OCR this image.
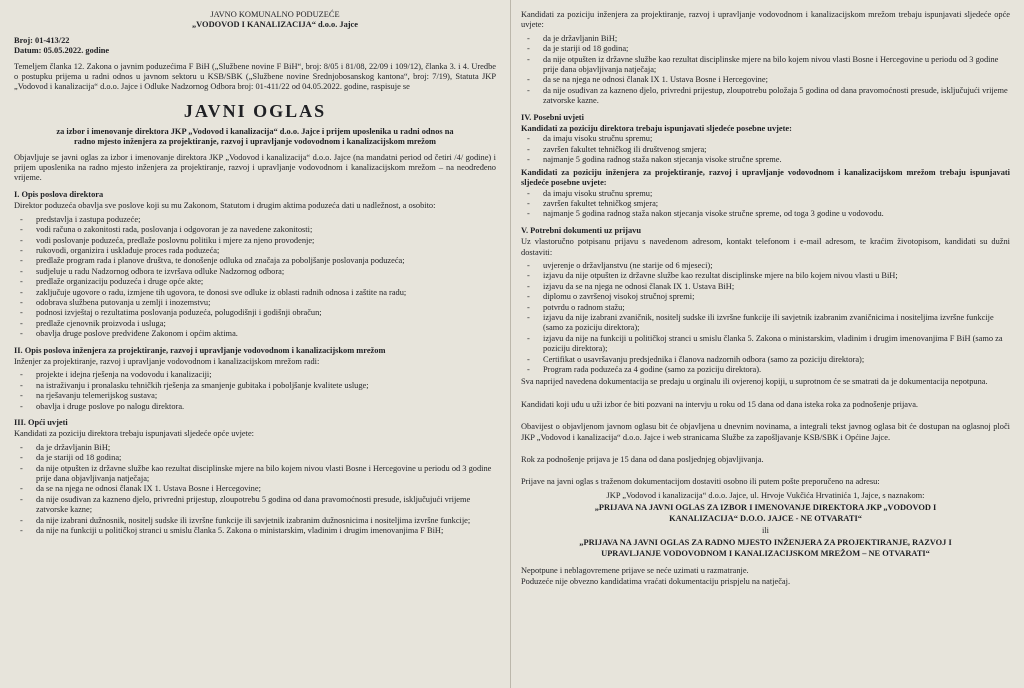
JAVNO KOMUNALNO PODUZEĆE
„VODOVOD I KANALIZACIJA“ d.o.o. Jajce
Broj: 01-413/22
Datum: 05.05.2022. godine

Temeljem članka 12. Zakona o javnim poduzećima F BiH („Službene novine F BiH“, broj: 8/05 i 81/08, 22/09 i 109/12), članka 3. i 4. Uredbe o postupku prijema u radni odnos u javnom sektoru u KSB/SBK („Službene novine Srednjobosanskog kantona“, broj: 7/19), Statuta JKP „Vodovod i kanalizacija“ d.o.o. Jajce i Odluke Nadzornog Odbora broj: 01-411/22 od 04.05.2022. godine, raspisuje se

JAVNI OGLAS
za izbor i imenovanje direktora JKP „Vodovod i kanalizacija“ d.o.o. Jajce i prijem uposlenika u radni odnos na radno mjesto inženjera za projektiranje, razvoj i upravljanje vodovodnom i kanalizacijskom mrežom

Objavljuje se javni oglas za izbor i imenovanje direktora JKP „Vodovod i kanalizacija“ d.o.o. Jajce (na mandatni period od četiri /4/ godine) i prijem uposlenika na radno mjesto inženjera za projektiranje, razvoj i upravljanje vodovodnom i kanalizacijskom mrežom – na neodređeno vrijeme.

I. Opis poslova direktora

Direktor poduzeća obavlja sve poslove koji su mu Zakonom, Statutom i drugim aktima poduzeća dati u nadležnost, a osobito:

- predstavlja i zastupa poduzeće;
- vodi računa o zakonitosti rada, poslovanja i odgovoran je za navedene zakonitosti;
- vodi poslovanje poduzeća, predlaže poslovnu politiku i mjere za njeno provođenje;
- rukovodi, organizira i usklađuje proces rada poduzeća;
- predlaže program rada i planove društva, te donošenje odluka od značaja za poboljšanje poslovanja poduzeća;
- sudjeluje u radu Nadzornog odbora te izvršava odluke Nadzornog odbora;
- predlaže organizaciju poduzeća i druge opće akte;
- zaključuje ugovore o radu, izmjene tih ugovora, te donosi sve odluke iz oblasti radnih odnosa i zaštite na radu;
- odobrava službena putovanja u zemlji i inozemstvu;
- podnosi izvještaj o rezultatima poslovanja poduzeća, polugodišnji i godišnji obračun;
- predlaže cjenovnik proizvoda i usluga;
- obavlja druge poslove predviđene Zakonom i općim aktima.
II. Opis poslova inženjera za projektiranje, razvoj i upravljanje vodovodnom i kanalizacijskom mrežom

Inženjer za projektiranje, razvoj i upravljanje vodovodnom i kanalizacijskom mrežom radi:

- projekte i idejna rješenja na vodovodu i kanalizaciji;
- na istraživanju i pronalasku tehničkih rješenja za smanjenje gubitaka i poboljšanje kvalitete usluge;
- na rješavanju telemerijskog sustava;
- obavlja i druge poslove po nalogu direktora.
III. Opći uvjeti

Kandidati za poziciju direktora trebaju ispunjavati sljedeće opće uvjete:

- da je državljanin BiH;
- da je stariji od 18 godina;
- da nije otpušten iz državne službe kao rezultat disciplinske mjere na bilo kojem nivou vlasti Bosne i Hercegovine u periodu od 3 godine prije dana objavljivanja natječaja;
- da se na njega ne odnosi članak IX 1. Ustava Bosne i Hercegovine;
- da nije osuđivan za kazneno djelo, privredni prijestup, zloupotrebu 5 godina od dana pravomoćnosti presude, isključujući vrijeme zatvorske kazne;
- da nije izabrani dužnosnik, nositelj sudske ili izvršne funkcije ili savjetnik izabranim dužnosnicima i nositeljima izvršne funkcije;
- da nije na funkciji u političkoj stranci u smislu članka 5. Zakona o ministarskim, vladinim i drugim imenovanjima F BiH;

Kandidati za poziciju inženjera za projektiranje, razvoj i upravljanje vodovodnom i kanalizacijskom mrežom trebaju ispunjavati sljedeće opće uvjete:

- da je državljanin BiH;
- da je stariji od 18 godina;
- da nije otpušten iz državne službe kao rezultat disciplinske mjere na bilo kojem nivou vlasti Bosne i Hercegovine u periodu od 3 godine prije dana objavljivanja natječaja;
- da se na njega ne odnosi članak IX 1. Ustava Bosne i Hercegovine;
- da nije osuđivan za kazneno djelo, privredni prijestup, zloupotrebu položaja 5 godina od dana pravomoćnosti presude, isključujući vrijeme zatvorske kazne.
IV. Posebni uvjeti
Kandidati za poziciju direktora trebaju ispunjavati sljedeće posebne uvjete:
- da imaju visoku stručnu spremu;
- završen fakultet tehničkog ili društvenog smjera;
- najmanje 5 godina radnog staža nakon stjecanja visoke stručne spreme.
Kandidati za poziciju inženjera za projektiranje, razvoj i upravljanje vodovodnom i kanalizacijskom mrežom trebaju ispunjavati sljedeće posebne uvjete:
- da imaju visoku stručnu spremu;
- završen fakultet tehničkog smjera;
- najmanje 5 godina radnog staža nakon stjecanja visoke stručne spreme, od toga 3 godine u vodovodu.
V. Potrebni dokumenti uz prijavu

Uz vlastoručno potpisanu prijavu s navedenom adresom, kontakt telefonom i e-mail adresom, te kraćim životopisom, kandidati su dužni dostaviti:

- uvjerenje o državljanstvu (ne starije od 6 mjeseci);
- izjavu da nije otpušten iz državne službe kao rezultat disciplinske mjere na bilo kojem nivou vlasti u BiH;
- izjavu da se na njega ne odnosi članak IX 1. Ustava BiH;
- diplomu o završenoj visokoj stručnoj spremi;
- potvrdu o radnom stažu;
- izjavu da nije izabrani zvaničnik, nositelj sudske ili izvršne funkcije ili savjetnik izabranim zvaničnicima i nositeljima izvršne funkcije (samo za poziciju direktora);
- izjavu da nije na funkciji u političkoj stranci u smislu članka 5. Zakona o ministarskim, vladinim i drugim imenovanjima F BiH (samo za poziciju direktora);
- Certifikat o usavršavanju predsjednika i članova nadzornih odbora (samo za poziciju direktora);
- Program rada poduzeća za 4 godine (samo za poziciju direktora).

Sva naprijed navedena dokumentacija se predaju u orginalu ili ovjerenoj kopiji, u suprotnom će se smatrati da je dokumentacija nepotpuna.

Kandidati koji uđu u uži izbor će biti pozvani na intervju u roku od 15 dana od dana isteka roka za podnošenje prijava.

Obavijest o objavljenom javnom oglasu bit će objavljena u dnevnim novinama, a integrali tekst javnog oglasa bit će dostupan na oglasnoj ploči JKP „Vodovod i kanalizacija“ d.o.o. Jajce i web stranicama Službe za zapošljavanje KSB/SBK i Općine Jajce.

Rok za podnošenje prijava je 15 dana od dana posljednjeg objavljivanja.

Prijave na javni oglas s traženom dokumentacijom dostaviti osobno ili putem pošte preporučeno na adresu:

JKP „Vodovod i kanalizacija“ d.o.o. Jajce, ul. Hrvoje Vukčića Hrvatinića 1, Jajce, s naznakom:
„PRIJAVA NA JAVNI OGLAS ZA IZBOR I IMENOVANJE DIREKTORA JKP „VODOVOD I KANALIZACIJA“ D.O.O. JAJCE - NE OTVARATI“
ili
„PRIJAVA NA JAVNI OGLAS ZA RADNO MJESTO INŽENJERA ZA PROJEKTIRANJE, RAZVOJ I UPRAVLJANJE VODOVODNOM I KANALIZACIJSKOM MREŽOM – NE OTVARATI“

Nepotpune i neblagovremene prijave se neće uzimati u razmatranje.

Poduzeće nije obvezno kandidatima vraćati dokumentaciju prispjelu na natječaj.
